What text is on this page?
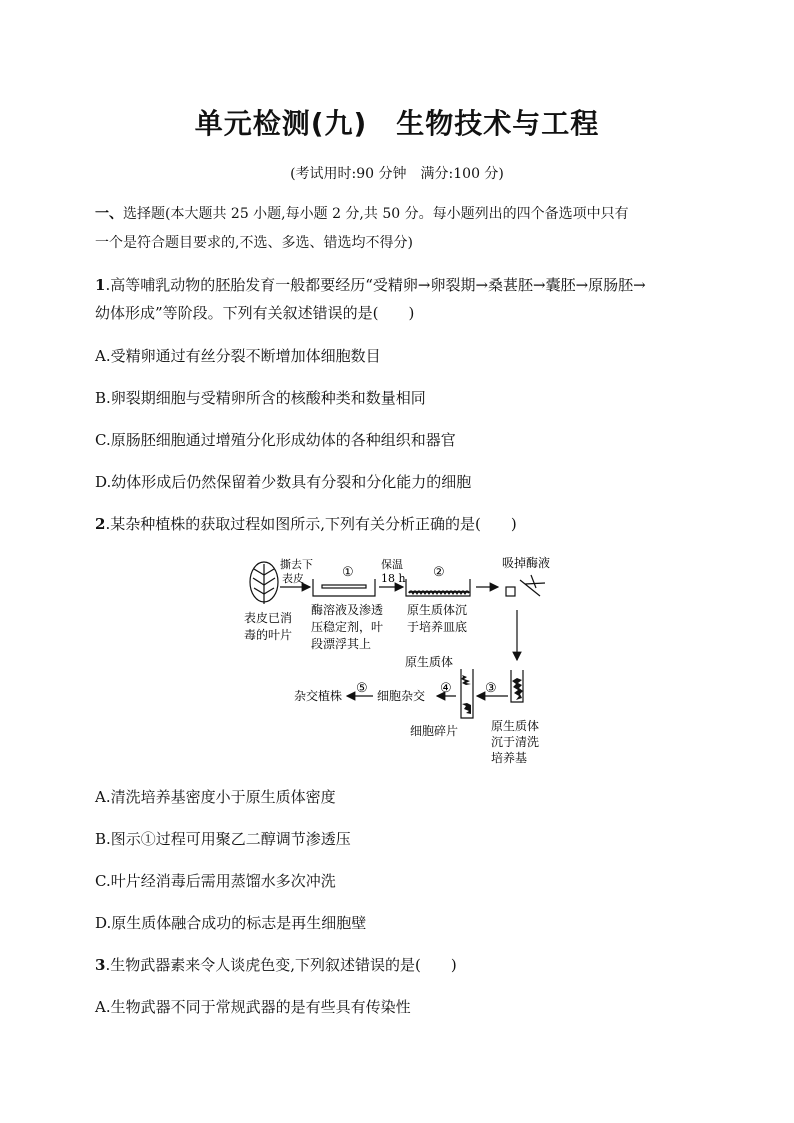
单元检测(九)　生物技术与工程
(考试用时:90 分钟　满分:100 分)
一、选择题(本大题共 25 小题,每小题 2 分,共 50 分。每小题列出的四个备选项中只有
一个是符合题目要求的,不选、多选、错选均不得分)
1.高等哺乳动物的胚胎发育一般都要经历“受精卵→卵裂期→桑葚胚→囊胚→原肠胚→
幼体形成”等阶段。下列有关叙述错误的是(　　)
A.受精卵通过有丝分裂不断增加体细胞数目
B.卵裂期细胞与受精卵所含的核酸种类和数量相同
C.原肠胚细胞通过增殖分化形成幼体的各种组织和器官
D.幼体形成后仍然保留着少数具有分裂和分化能力的细胞
2.某杂种植株的获取过程如图所示,下列有关分析正确的是(　　)
表皮已消
毒的叶片
撕去下
表皮	①
酶溶液及渗透
压稳定剂，叶
段漂浮其上
保温
18 h ②
原生质体沉
于培养皿底
吸掉酶液
原生质体
沉于清洗
培养基
③
原生质体
细胞碎片
④
细胞杂交
⑤
杂交植株
A.清洗培养基密度小于原生质体密度
B.图示①过程可用聚乙二醇调节渗透压
C.叶片经消毒后需用蒸馏水多次冲洗
D.原生质体融合成功的标志是再生细胞壁
3.生物武器素来令人谈虎色变,下列叙述错误的是(　　)
A.生物武器不同于常规武器的是有些具有传染性
